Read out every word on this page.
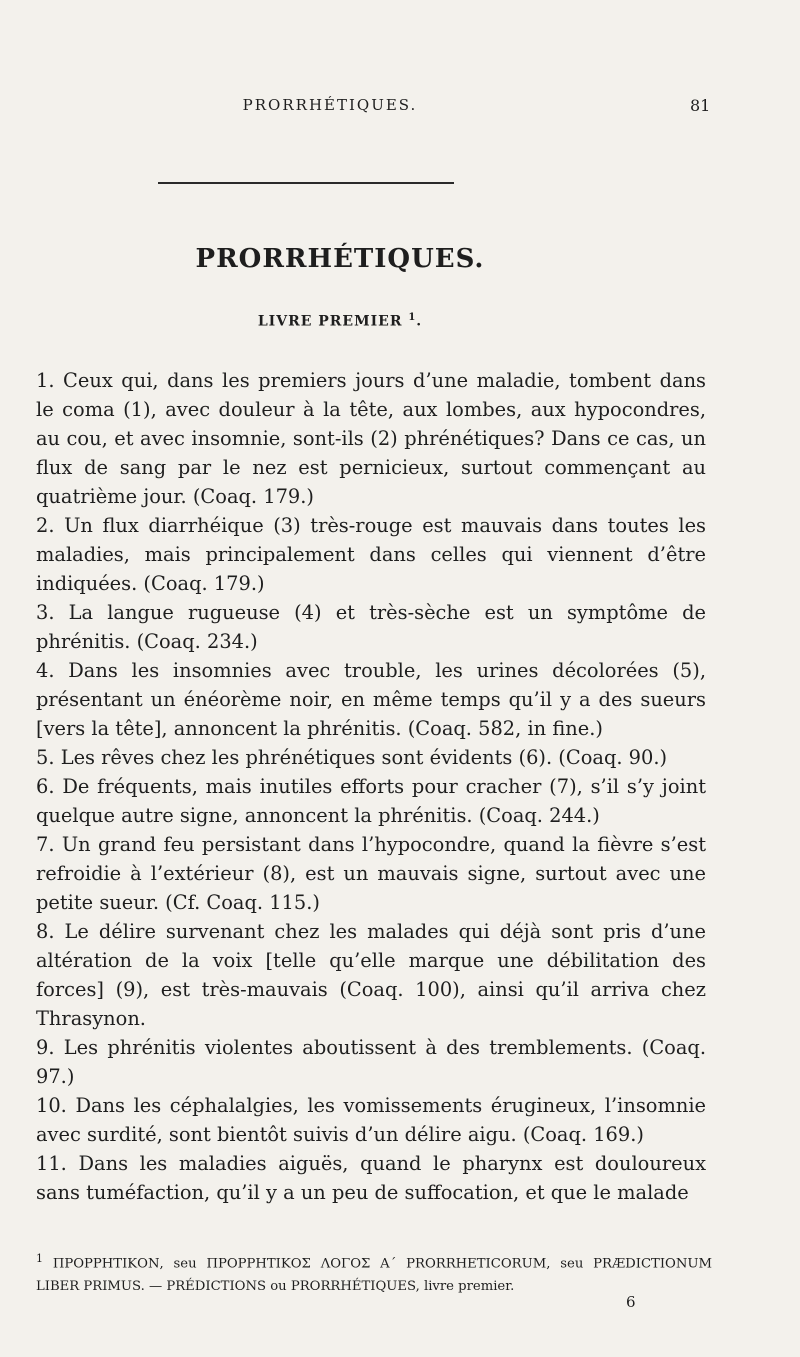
PRORRHÉTIQUES.	81
PRORRHÉTIQUES.
LIVRE PREMIER $^1$.

1. Ceux qui, dans les premiers jours d’une maladie, tombent dans le coma (1), avec douleur à la tête, aux lombes, aux hypocondres, au cou, et avec insomnie, sont-ils (2) phrénétiques? Dans ce cas, un flux de sang par le nez est pernicieux, surtout commençant au quatrième jour. (Coaq. 179.)

2. Un flux diarrhéique (3) très-rouge est mauvais dans toutes les maladies, mais principalement dans celles qui viennent d’être indiquées. (Coaq. 179.)

3. La langue rugueuse (4) et très-sèche est un symptôme de phrénitis. (Coaq. 234.)

4. Dans les insomnies avec trouble, les urines décolorées (5), présentant un énéorème noir, en même temps qu’il y a des sueurs [vers la tête], annoncent la phrénitis. (Coaq. 582, in fine.)

5. Les rêves chez les phrénétiques sont évidents (6). (Coaq. 90.)

6. De fréquents, mais inutiles efforts pour cracher (7), s’il s’y joint quelque autre signe, annoncent la phrénitis. (Coaq. 244.)

7. Un grand feu persistant dans l’hypocondre, quand la fièvre s’est refroidie à l’extérieur (8), est un mauvais signe, surtout avec une petite sueur. (Cf. Coaq. 115.)

8. Le délire survenant chez les malades qui déjà sont pris d’une altération de la voix [telle qu’elle marque une débilitation des forces] (9), est très-mauvais (Coaq. 100), ainsi qu’il arriva chez Thrasynon.

9. Les phrénitis violentes aboutissent à des tremblements. (Coaq. 97.)

10. Dans les céphalalgies, les vomissements érugineux, l’insomnie avec surdité, sont bientôt suivis d’un délire aigu. (Coaq. 169.)

11. Dans les maladies aiguës, quand le pharynx est douloureux sans tuméfaction, qu’il y a un peu de suffocation, et que le malade

$^1$ ΠΡΟΡΡΗΤΙΚΟΝ, seu ΠΡΟΡΡΗΤΙΚΟΣ ΛΟΓΟΣ Α΄ PRORRHETICORUM, seu PRÆDICTIONUM LIBER PRIMUS. — PRÉDICTIONS ou PRORRHÉTIQUES, livre premier.
6
